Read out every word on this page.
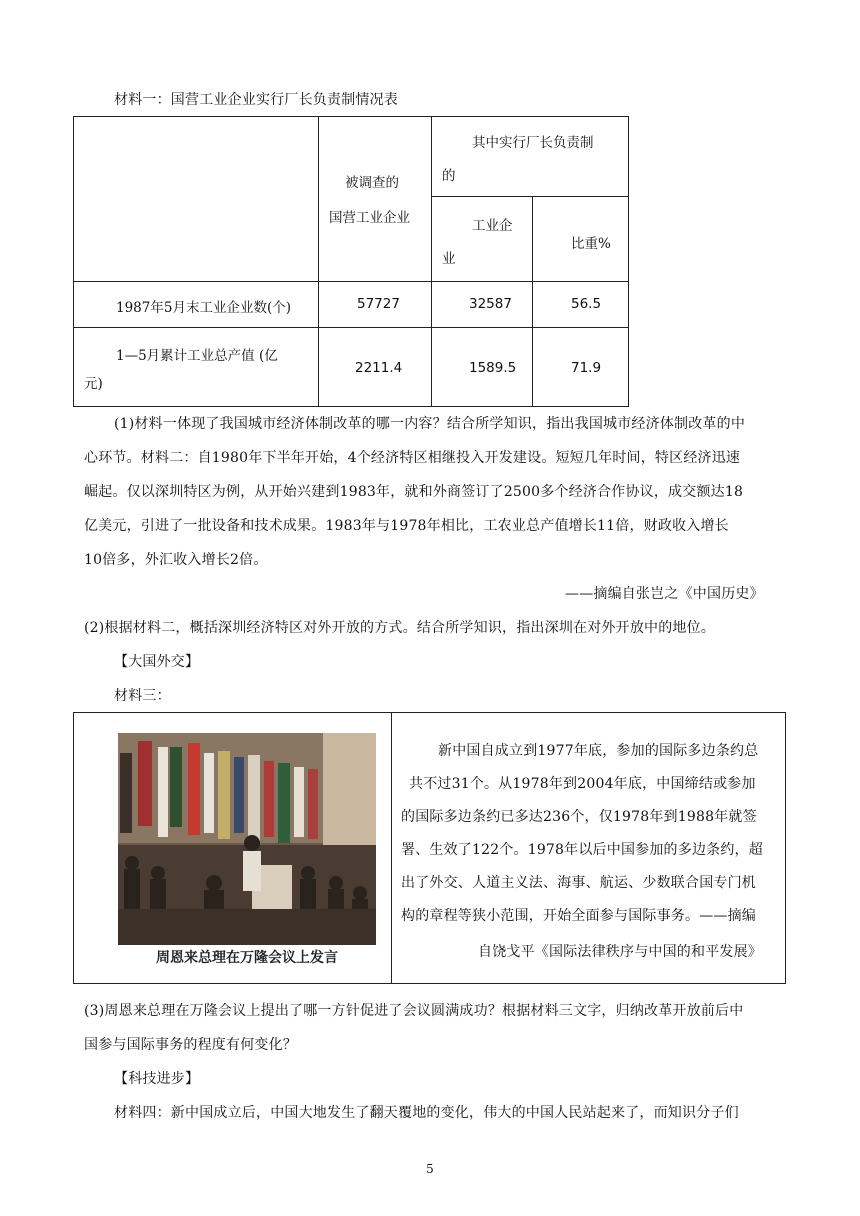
材料一：国营工业企业实行厂长负责制情况表

	被调查的
国营工业企业	其中实行厂长负责制
的	

		工业企
业	比重%

1987年5月末工业企业数(个)	57727	32587	56.5

1—5月累计工业总产值 (亿
元)	2211.4	1589.5	71.9
(1)材料一体现了我国城市经济体制改革的哪一内容？结合所学知识，指出我国城市经济体制改革的中
心环节。材料二：自1980年下半年开始，4个经济特区相继投入开发建设。短短几年时间，特区经济迅速
崛起。仅以深圳特区为例，从开始兴建到1983年，就和外商签订了2500多个经济合作协议，成交额达18
亿美元，引进了一批设备和技术成果。1983年与1978年相比，工农业总产值增长11倍，财政收入增长
10倍多，外汇收入增长2倍。
——摘编自张岂之《中国历史》
(2)根据材料二，概括深圳经济特区对外开放的方式。结合所学知识，指出深圳在对外开放中的地位。
【大国外交】
材料三：
周恩来总理在万隆会议上发言
新中国自成立到1977年底，参加的国际多边条约总
共不过31个。从1978年到2004年底，中国缔结或参加
的国际多边条约已多达236个，仅1978年到1988年就签
署、生效了122个。1978年以后中国参加的多边条约，超
出了外交、人道主义法、海事、航运、少数联合国专门机
构的章程等狭小范围，开始全面参与国际事务。——摘编
自饶戈平《国际法律秩序与中国的和平发展》
(3)周恩来总理在万隆会议上提出了哪一方针促进了会议圆满成功？根据材料三文字，归纳改革开放前后中
国参与国际事务的程度有何变化？
【科技进步】
材料四：新中国成立后，中国大地发生了翻天覆地的变化，伟大的中国人民站起来了，而知识分子们
5
